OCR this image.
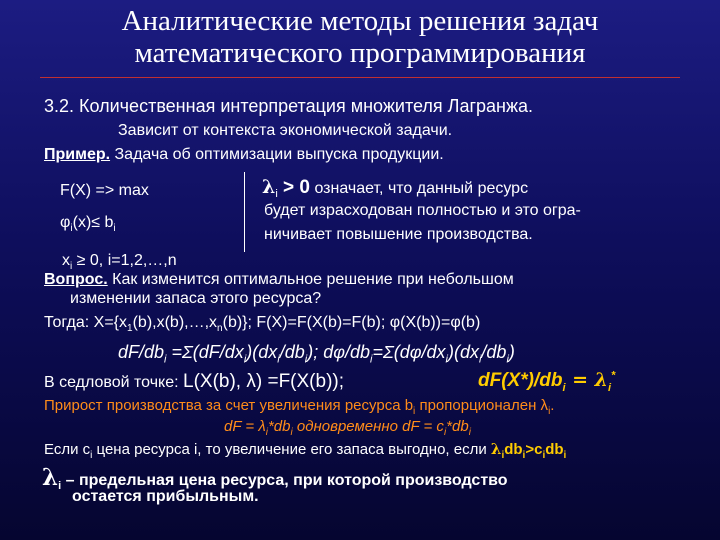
Аналитические методы решения задач
математического программирования
3.2. Количественная интерпретация множителя Лагранжа.
Зависит от контекста экономической задачи.
Пример. Задача об оптимизации выпуска продукции.
F(X) => max
$\varphi_i(x)\le b_i$
$\lambda_i > 0$ означает, что данный ресурс
будет израсходован полностью и это огра-
ничивает повышение производства.
$x_i \ge 0$, i=1,2,…,n
Вопрос. Как изменится оптимальное решение при небольшом
изменении запаса этого ресурса?
Тогда: $X=\{x_1(b),x(b),\dots,x_n(b)\}$; F(X)=F(X(b)=F(b); φ(X(b))=φ(b)
$dF/db_i =\Sigma(dF/dx_i)(dx_i/db_i)$; $d\varphi/db_i=\Sigma(d\varphi/dx_i)(dx_i/db_i)$
В седловой точке: L(X(b), λ) =F(X(b));	$dF(X*)/db_i = \lambda_i^*$
Прирост производства за счет увеличения ресурса $b_i$ пропорционален $\lambda_i$.
dF = $\lambda_i*db_i$ одновременно dF = $c_i*db_i$
Если $c_i$ цена ресурса i, то увеличение его запаса выгодно, если $\lambda_idb_i>c_idb_i$
$\lambda_i$ – предельная цена ресурса, при которой производство
остается прибыльным.
